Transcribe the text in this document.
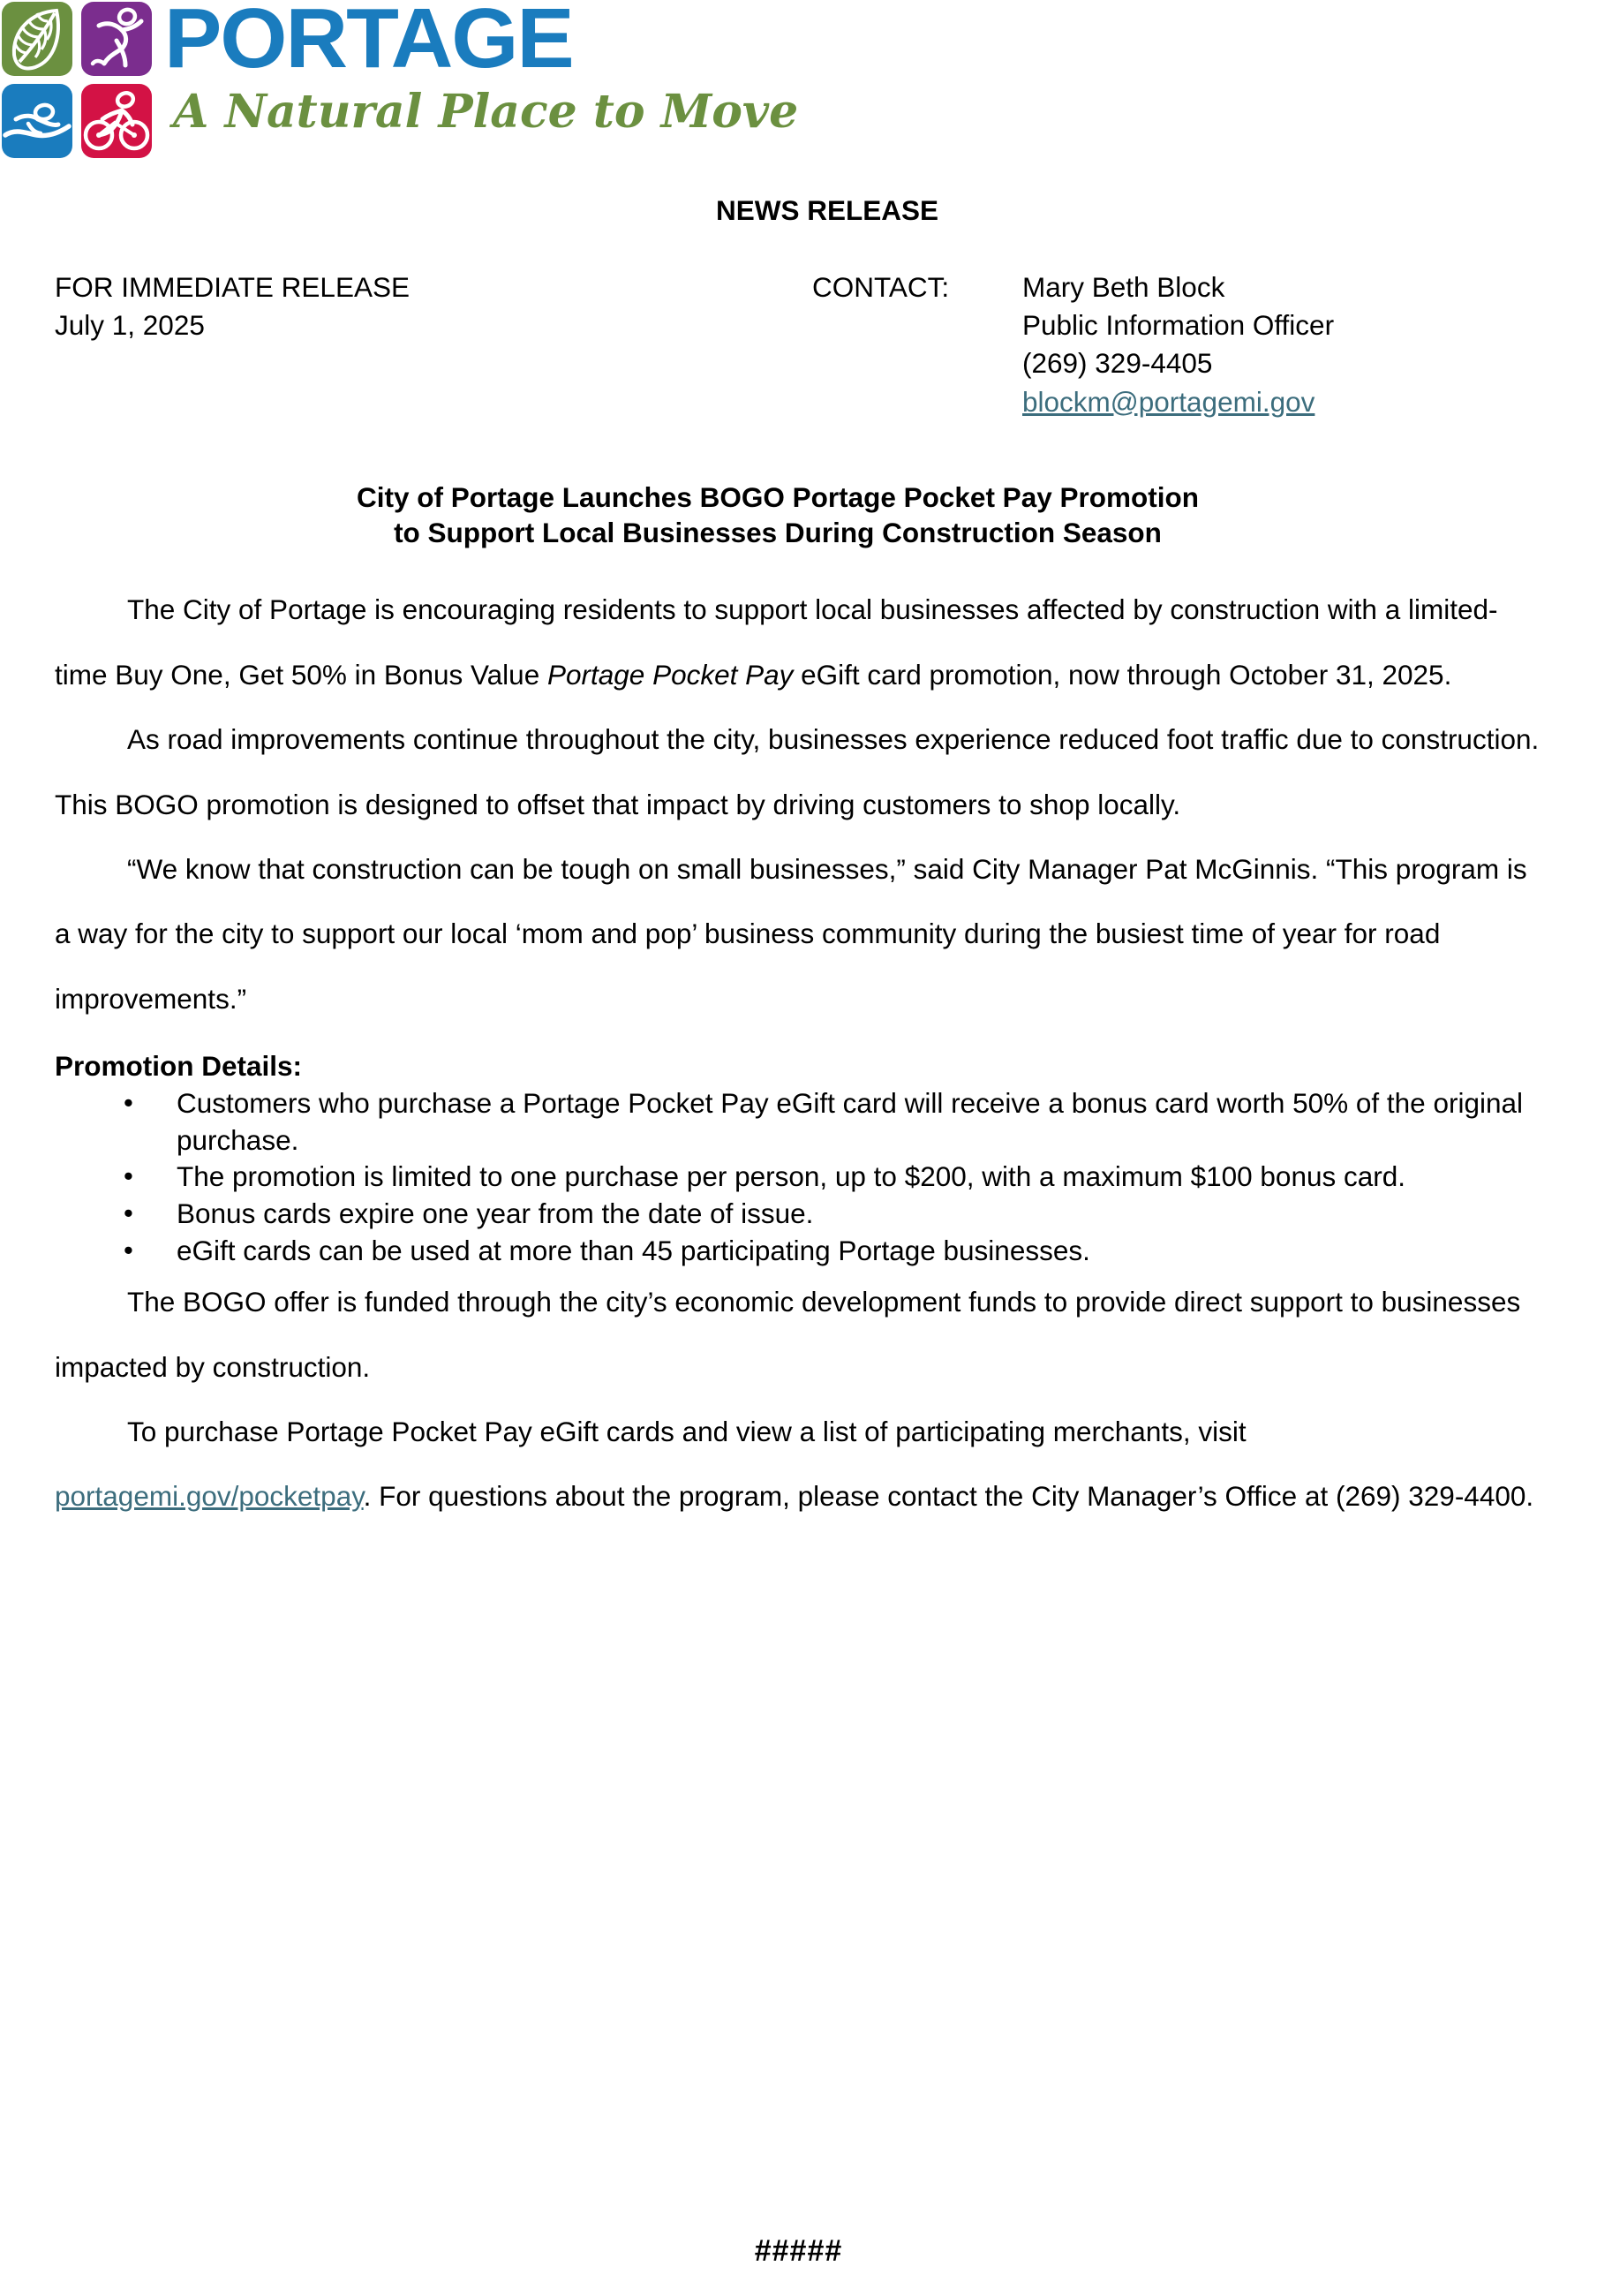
PORTAGE
A Natural Place to Move
NEWS RELEASE
FOR IMMEDIATE RELEASE
July 1, 2025
CONTACT:	Mary Beth Block
Public Information Officer
(269) 329-4405
blockm@portagemi.gov
City of Portage Launches BOGO Portage Pocket Pay Promotion
to Support Local Businesses During Construction Season

The City of Portage is encouraging residents to support local businesses affected by construction with a limited-time Buy One, Get 50% in Bonus Value Portage Pocket Pay eGift card promotion, now through October 31, 2025.

As road improvements continue throughout the city, businesses experience reduced foot traffic due to construction. This BOGO promotion is designed to offset that impact by driving customers to shop locally.

“We know that construction can be tough on small businesses,” said City Manager Pat McGinnis. “This program is a way for the city to support our local ‘mom and pop’ business community during the busiest time of year for road improvements.”

Promotion Details:
• Customers who purchase a Portage Pocket Pay eGift card will receive a bonus card worth 50% of the original purchase.
• The promotion is limited to one purchase per person, up to $200, with a maximum $100 bonus card.
• Bonus cards expire one year from the date of issue.
• eGift cards can be used at more than 45 participating Portage businesses.

The BOGO offer is funded through the city’s economic development funds to provide direct support to businesses impacted by construction.

To purchase Portage Pocket Pay eGift cards and view a list of participating merchants, visit portagemi.gov/pocketpay. For questions about the program, please contact the City Manager’s Office at (269) 329-4400.

#####
